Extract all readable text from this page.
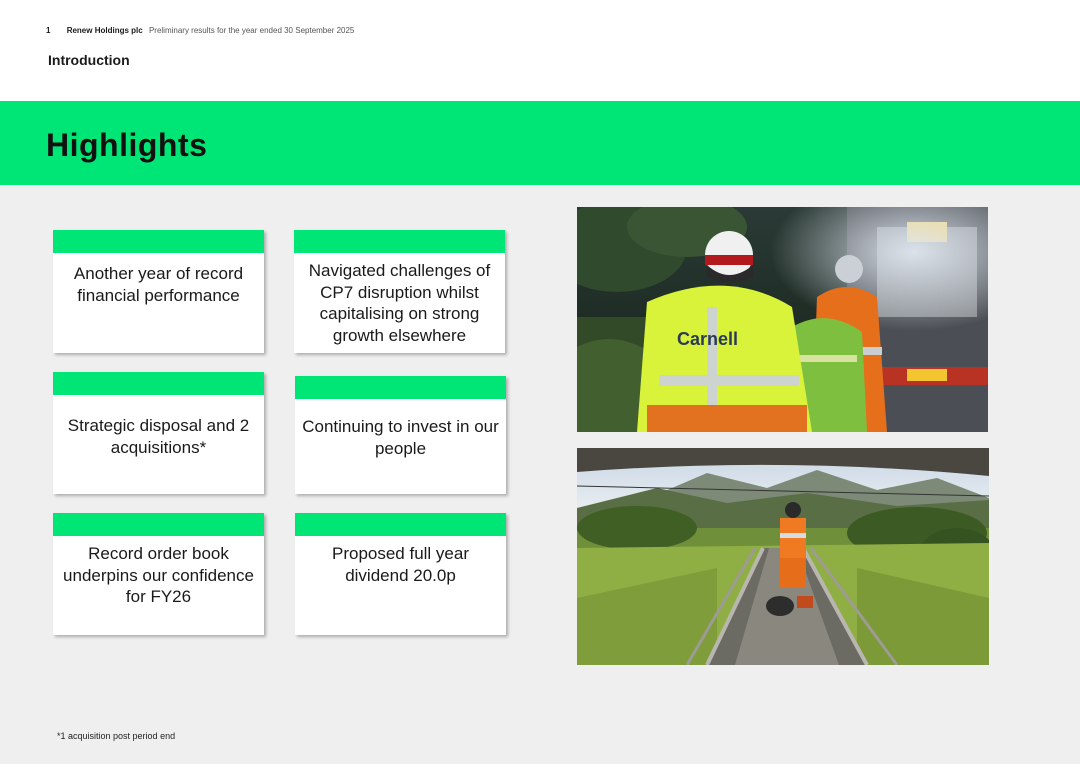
1 Renew Holdings plc Preliminary results for the year ended 30 September 2025
Introduction
Highlights
Another year of record financial performance
Navigated challenges of CP7 disruption whilst capitalising on strong growth elsewhere
Strategic disposal and 2 acquisitions*
Continuing to invest in our people
Record order book underpins our confidence for FY26
Proposed full year dividend 20.0p
Carnell
*1 acquisition post period end
